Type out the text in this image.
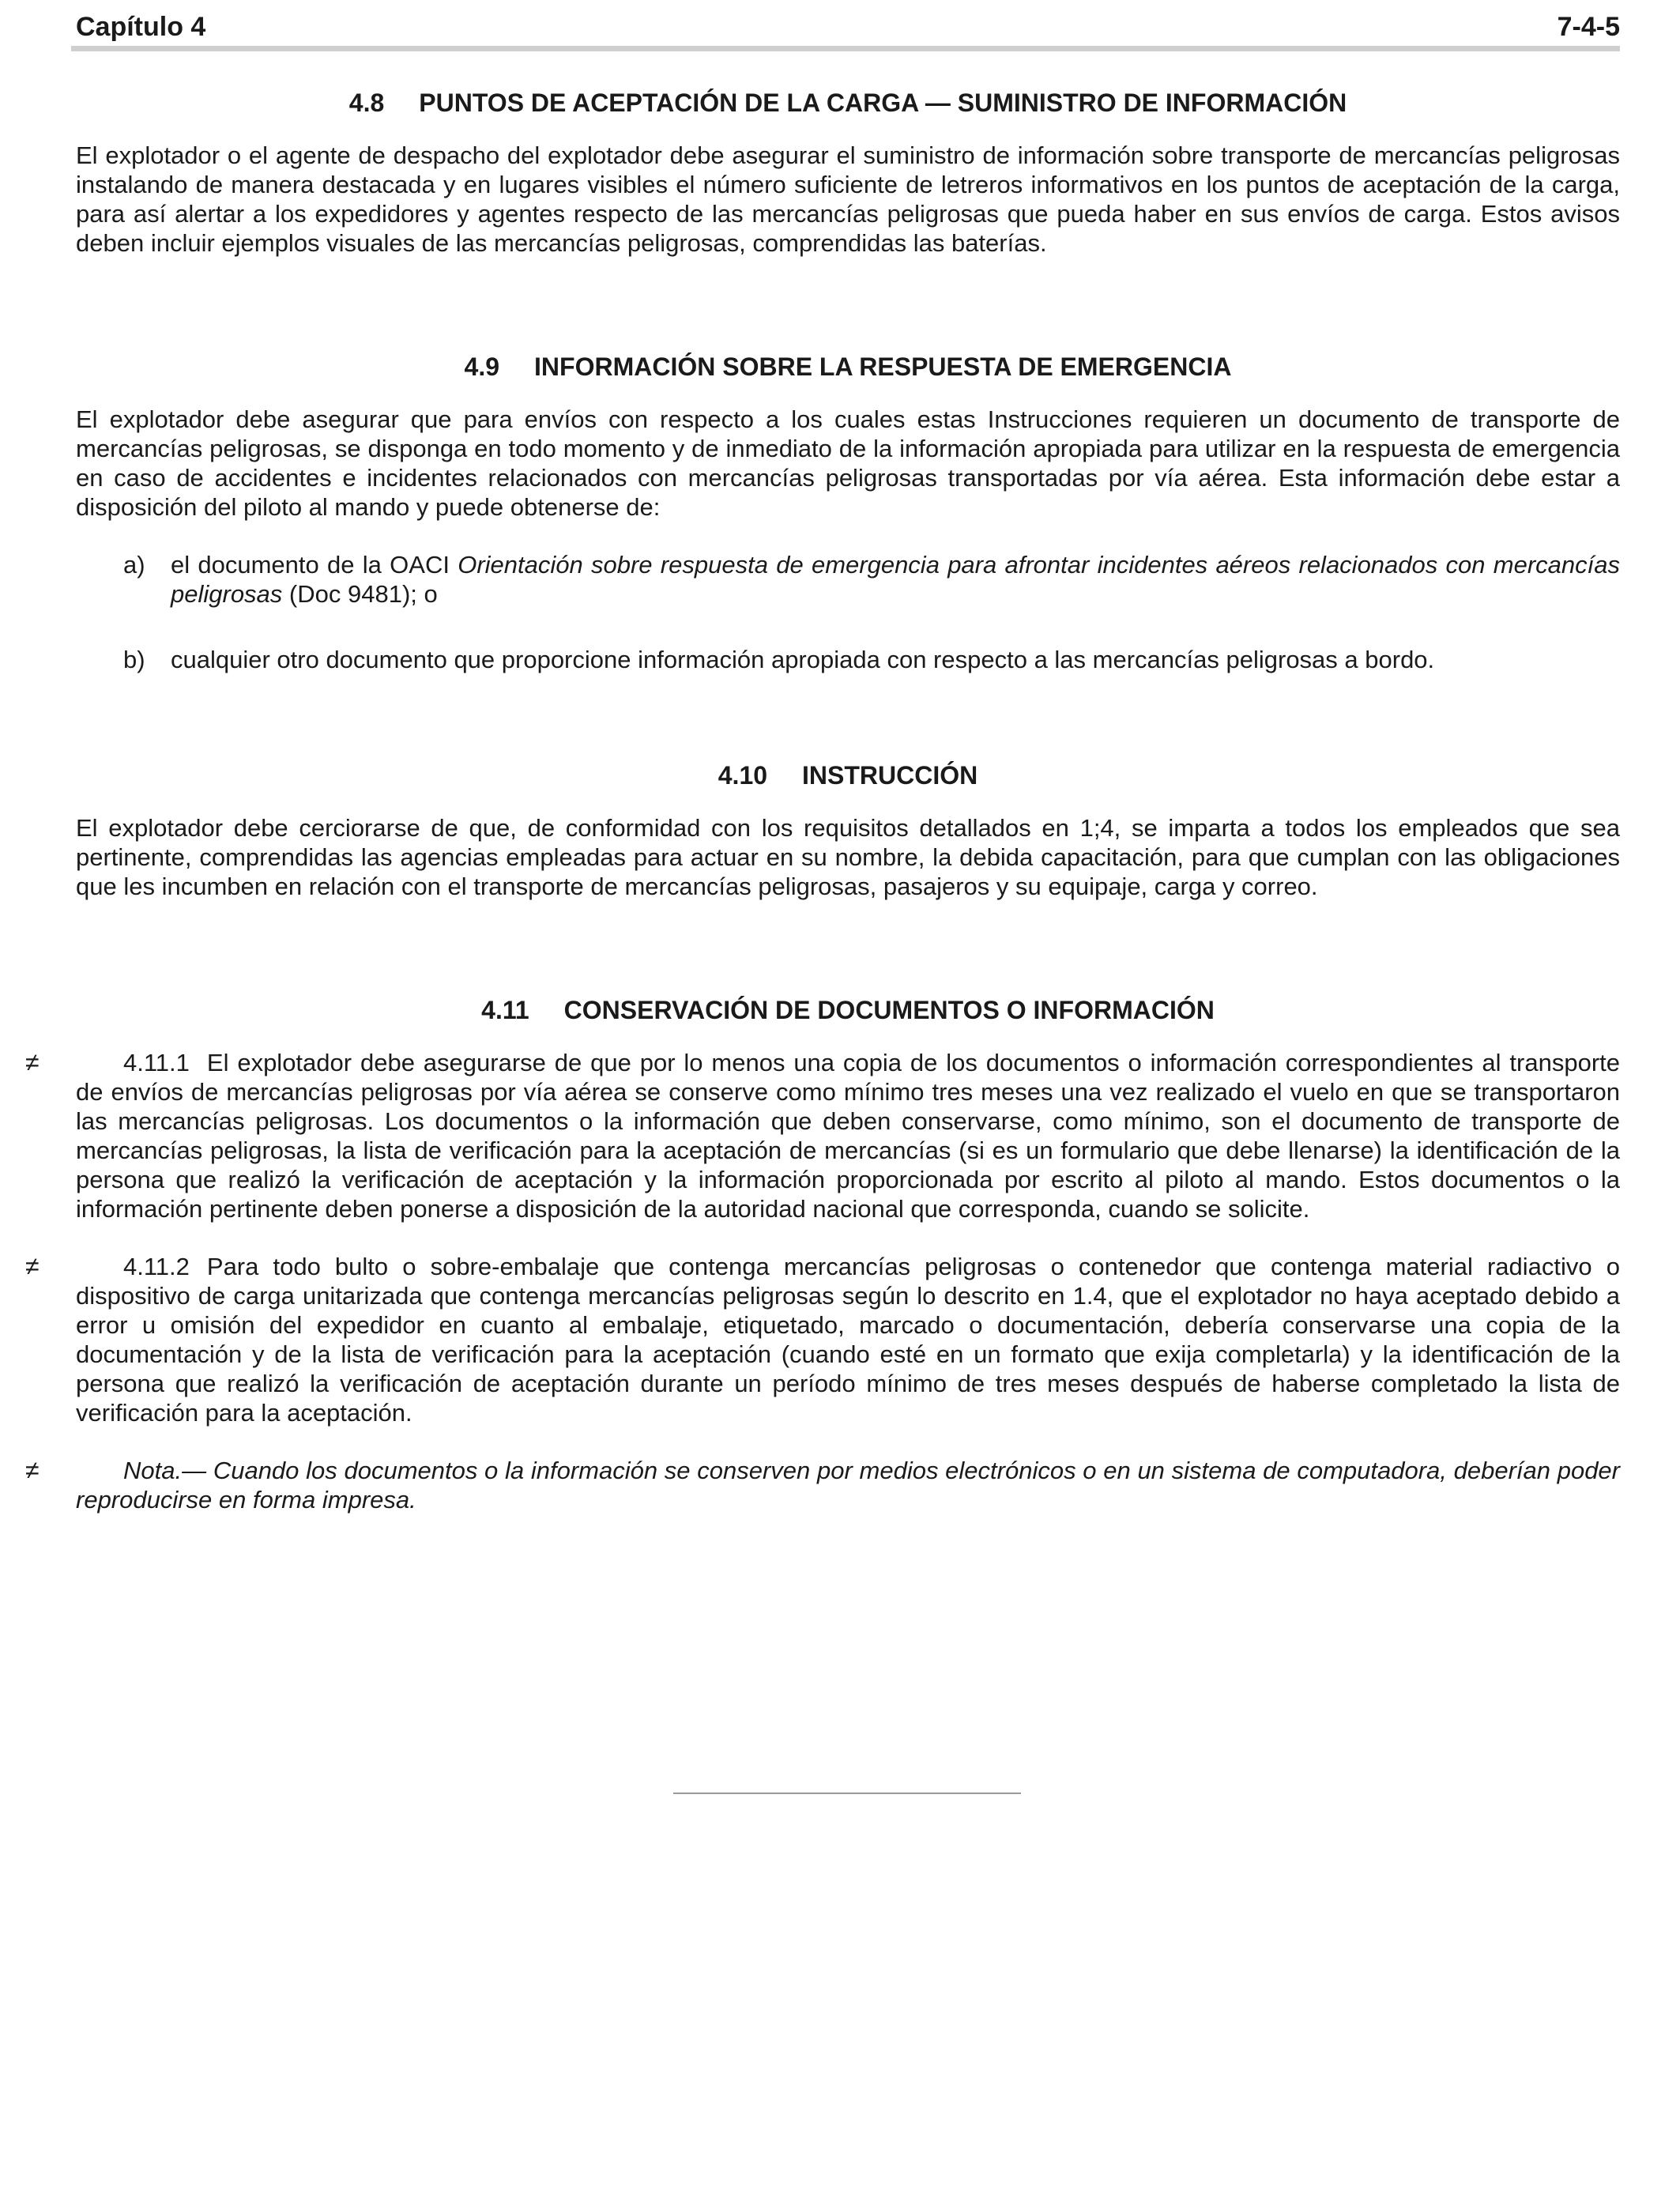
Capítulo 4	7-4-5
4.8 PUNTOS DE ACEPTACIÓN DE LA CARGA — SUMINISTRO DE INFORMACIÓN

El explotador o el agente de despacho del explotador debe asegurar el suministro de información sobre transporte de mercancías peligrosas instalando de manera destacada y en lugares visibles el número suficiente de letreros informativos en los puntos de aceptación de la carga, para así alertar a los expedidores y agentes respecto de las mercancías peligrosas que pueda haber en sus envíos de carga. Estos avisos deben incluir ejemplos visuales de las mercancías peligrosas, comprendidas las baterías.

4.9 INFORMACIÓN SOBRE LA RESPUESTA DE EMERGENCIA

El explotador debe asegurar que para envíos con respecto a los cuales estas Instrucciones requieren un documento de transporte de mercancías peligrosas, se disponga en todo momento y de inmediato de la información apropiada para utilizar en la respuesta de emergencia en caso de accidentes e incidentes relacionados con mercancías peligrosas transportadas por vía aérea. Esta información debe estar a disposición del piloto al mando y puede obtenerse de:

a) el documento de la OACI Orientación sobre respuesta de emergencia para afrontar incidentes aéreos relacionados con mercancías peligrosas (Doc 9481); o
b) cualquier otro documento que proporcione información apropiada con respecto a las mercancías peligrosas a bordo.
4.10 INSTRUCCIÓN

El explotador debe cerciorarse de que, de conformidad con los requisitos detallados en 1;4, se imparta a todos los empleados que sea pertinente, comprendidas las agencias empleadas para actuar en su nombre, la debida capacitación, para que cumplan con las obligaciones que les incumben en relación con el transporte de mercancías peligrosas, pasajeros y su equipaje, carga y correo.

4.11 CONSERVACIÓN DE DOCUMENTOS O INFORMACIÓN

≠	4.11.1 El explotador debe asegurarse de que por lo menos una copia de los documentos o información correspondientes al transporte de envíos de mercancías peligrosas por vía aérea se conserve como mínimo tres meses una vez realizado el vuelo en que se transportaron las mercancías peligrosas. Los documentos o la información que deben conservarse, como mínimo, son el documento de transporte de mercancías peligrosas, la lista de verificación para la aceptación de mercancías (si es un formulario que debe llenarse) la identificación de la persona que realizó la verificación de aceptación y la información proporcionada por escrito al piloto al mando. Estos documentos o la información pertinente deben ponerse a disposición de la autoridad nacional que corresponda, cuando se solicite.

≠	4.11.2 Para todo bulto o sobre-embalaje que contenga mercancías peligrosas o contenedor que contenga material radiactivo o dispositivo de carga unitarizada que contenga mercancías peligrosas según lo descrito en 1.4, que el explotador no haya aceptado debido a error u omisión del expedidor en cuanto al embalaje, etiquetado, marcado o documentación, debería conservarse una copia de la documentación y de la lista de verificación para la aceptación (cuando esté en un formato que exija completarla) y la identificación de la persona que realizó la verificación de aceptación durante un período mínimo de tres meses después de haberse completado la lista de verificación para la aceptación.

≠	Nota.— Cuando los documentos o la información se conserven por medios electrónicos o en un sistema de computadora, deberían poder reproducirse en forma impresa.
